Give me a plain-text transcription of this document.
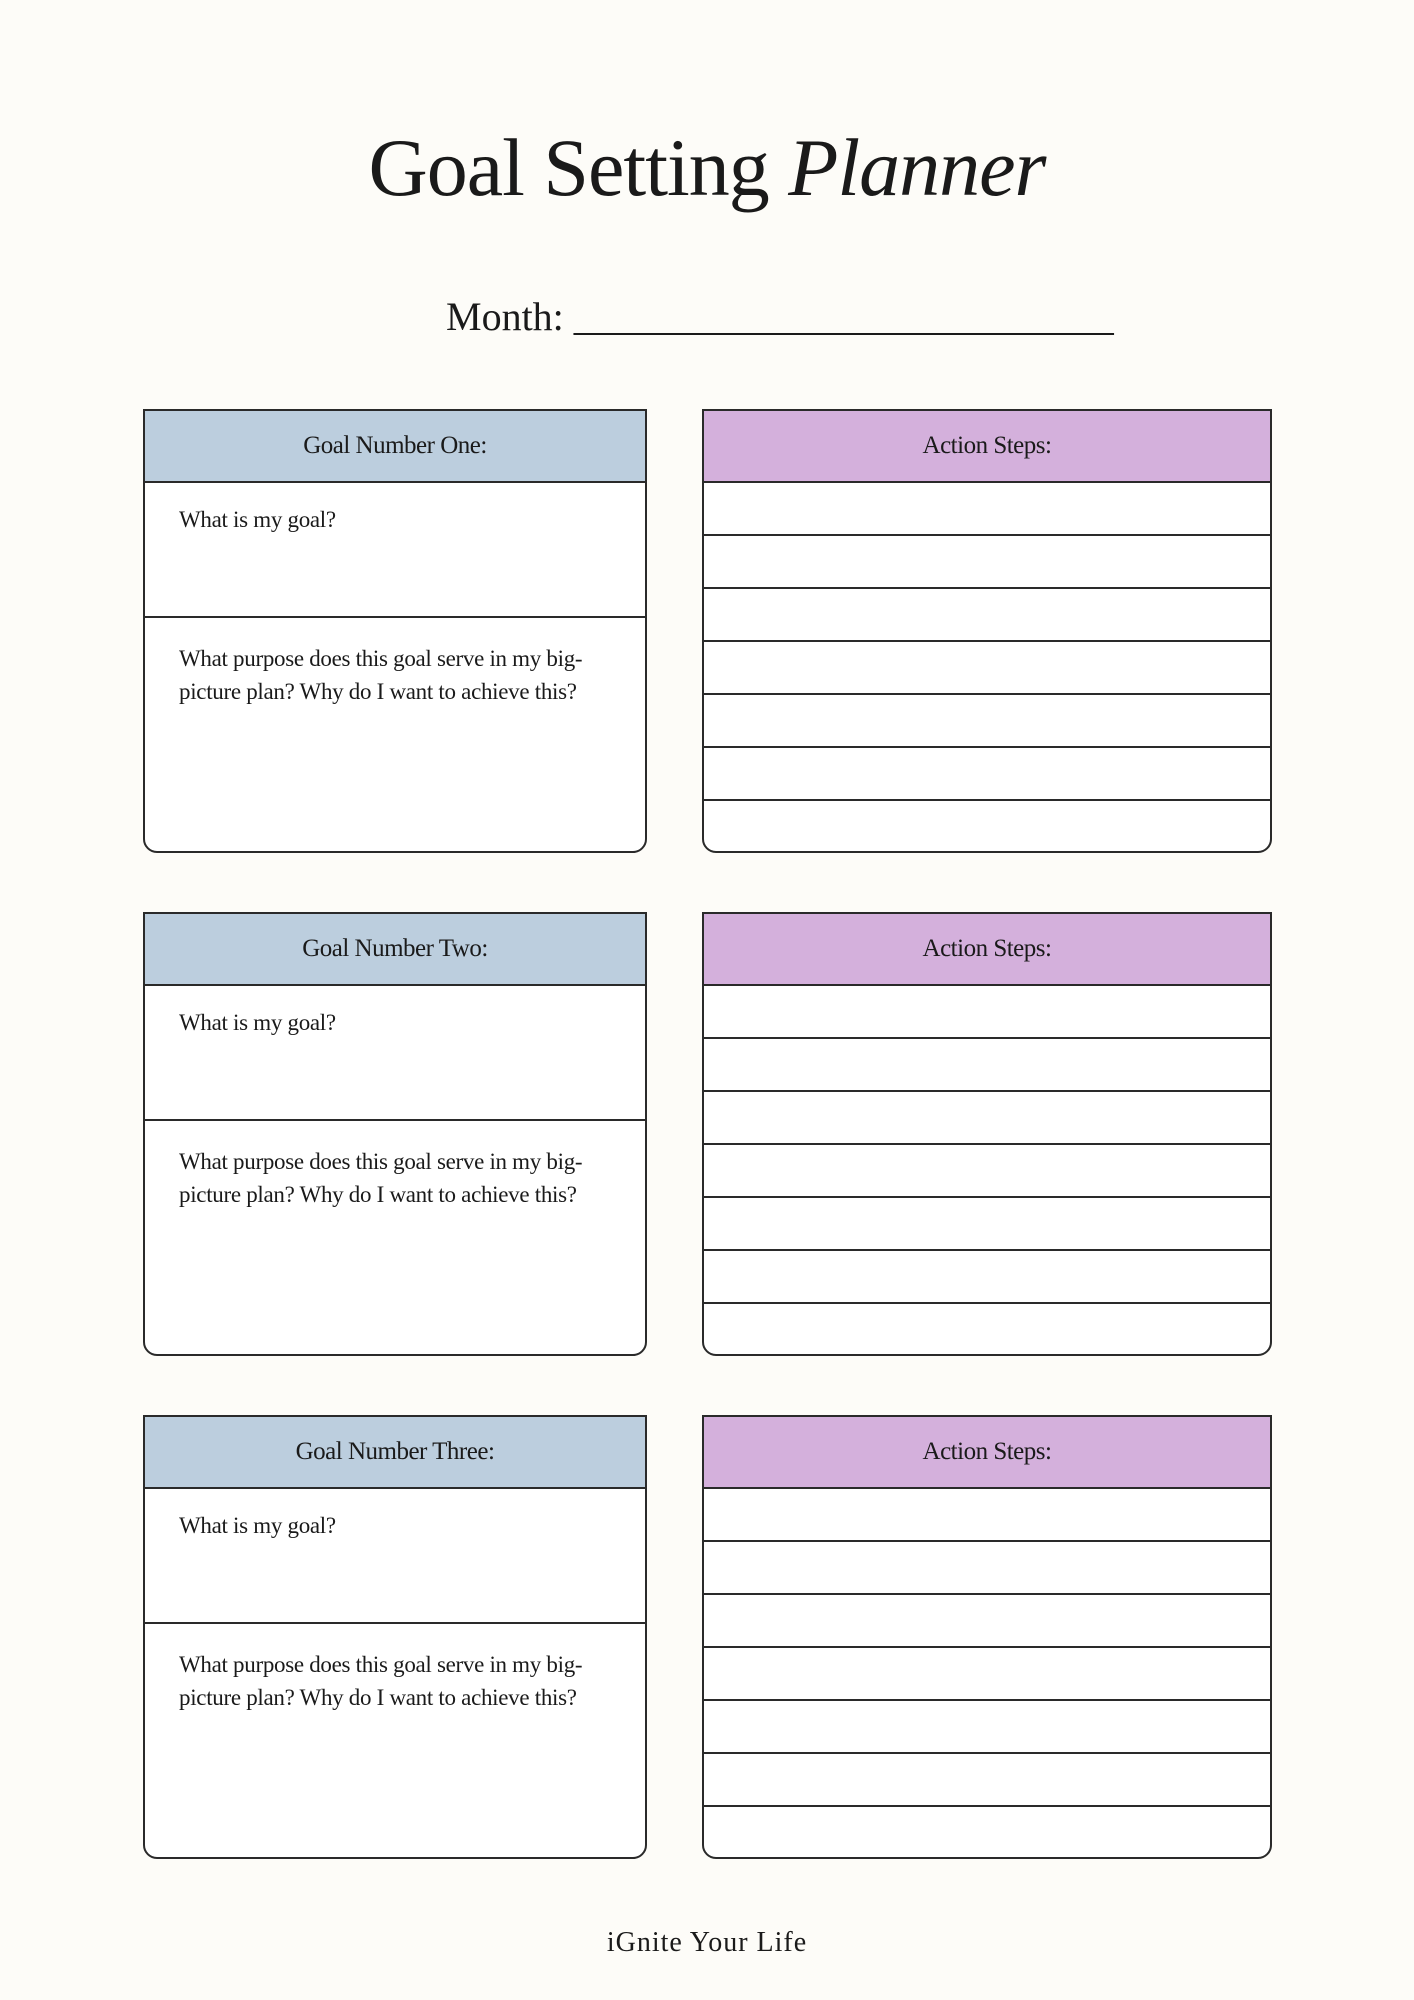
Goal Setting Planner
Month: ___________________________
Goal Number One:
What is my goal?
What purpose does this goal serve in my big-picture plan? Why do I want to achieve this?
Action Steps:
Goal Number Two:
What is my goal?
What purpose does this goal serve in my big-picture plan? Why do I want to achieve this?
Action Steps:
Goal Number Three:
What is my goal?
What purpose does this goal serve in my big-picture plan? Why do I want to achieve this?
Action Steps:
iGnite Your Life
